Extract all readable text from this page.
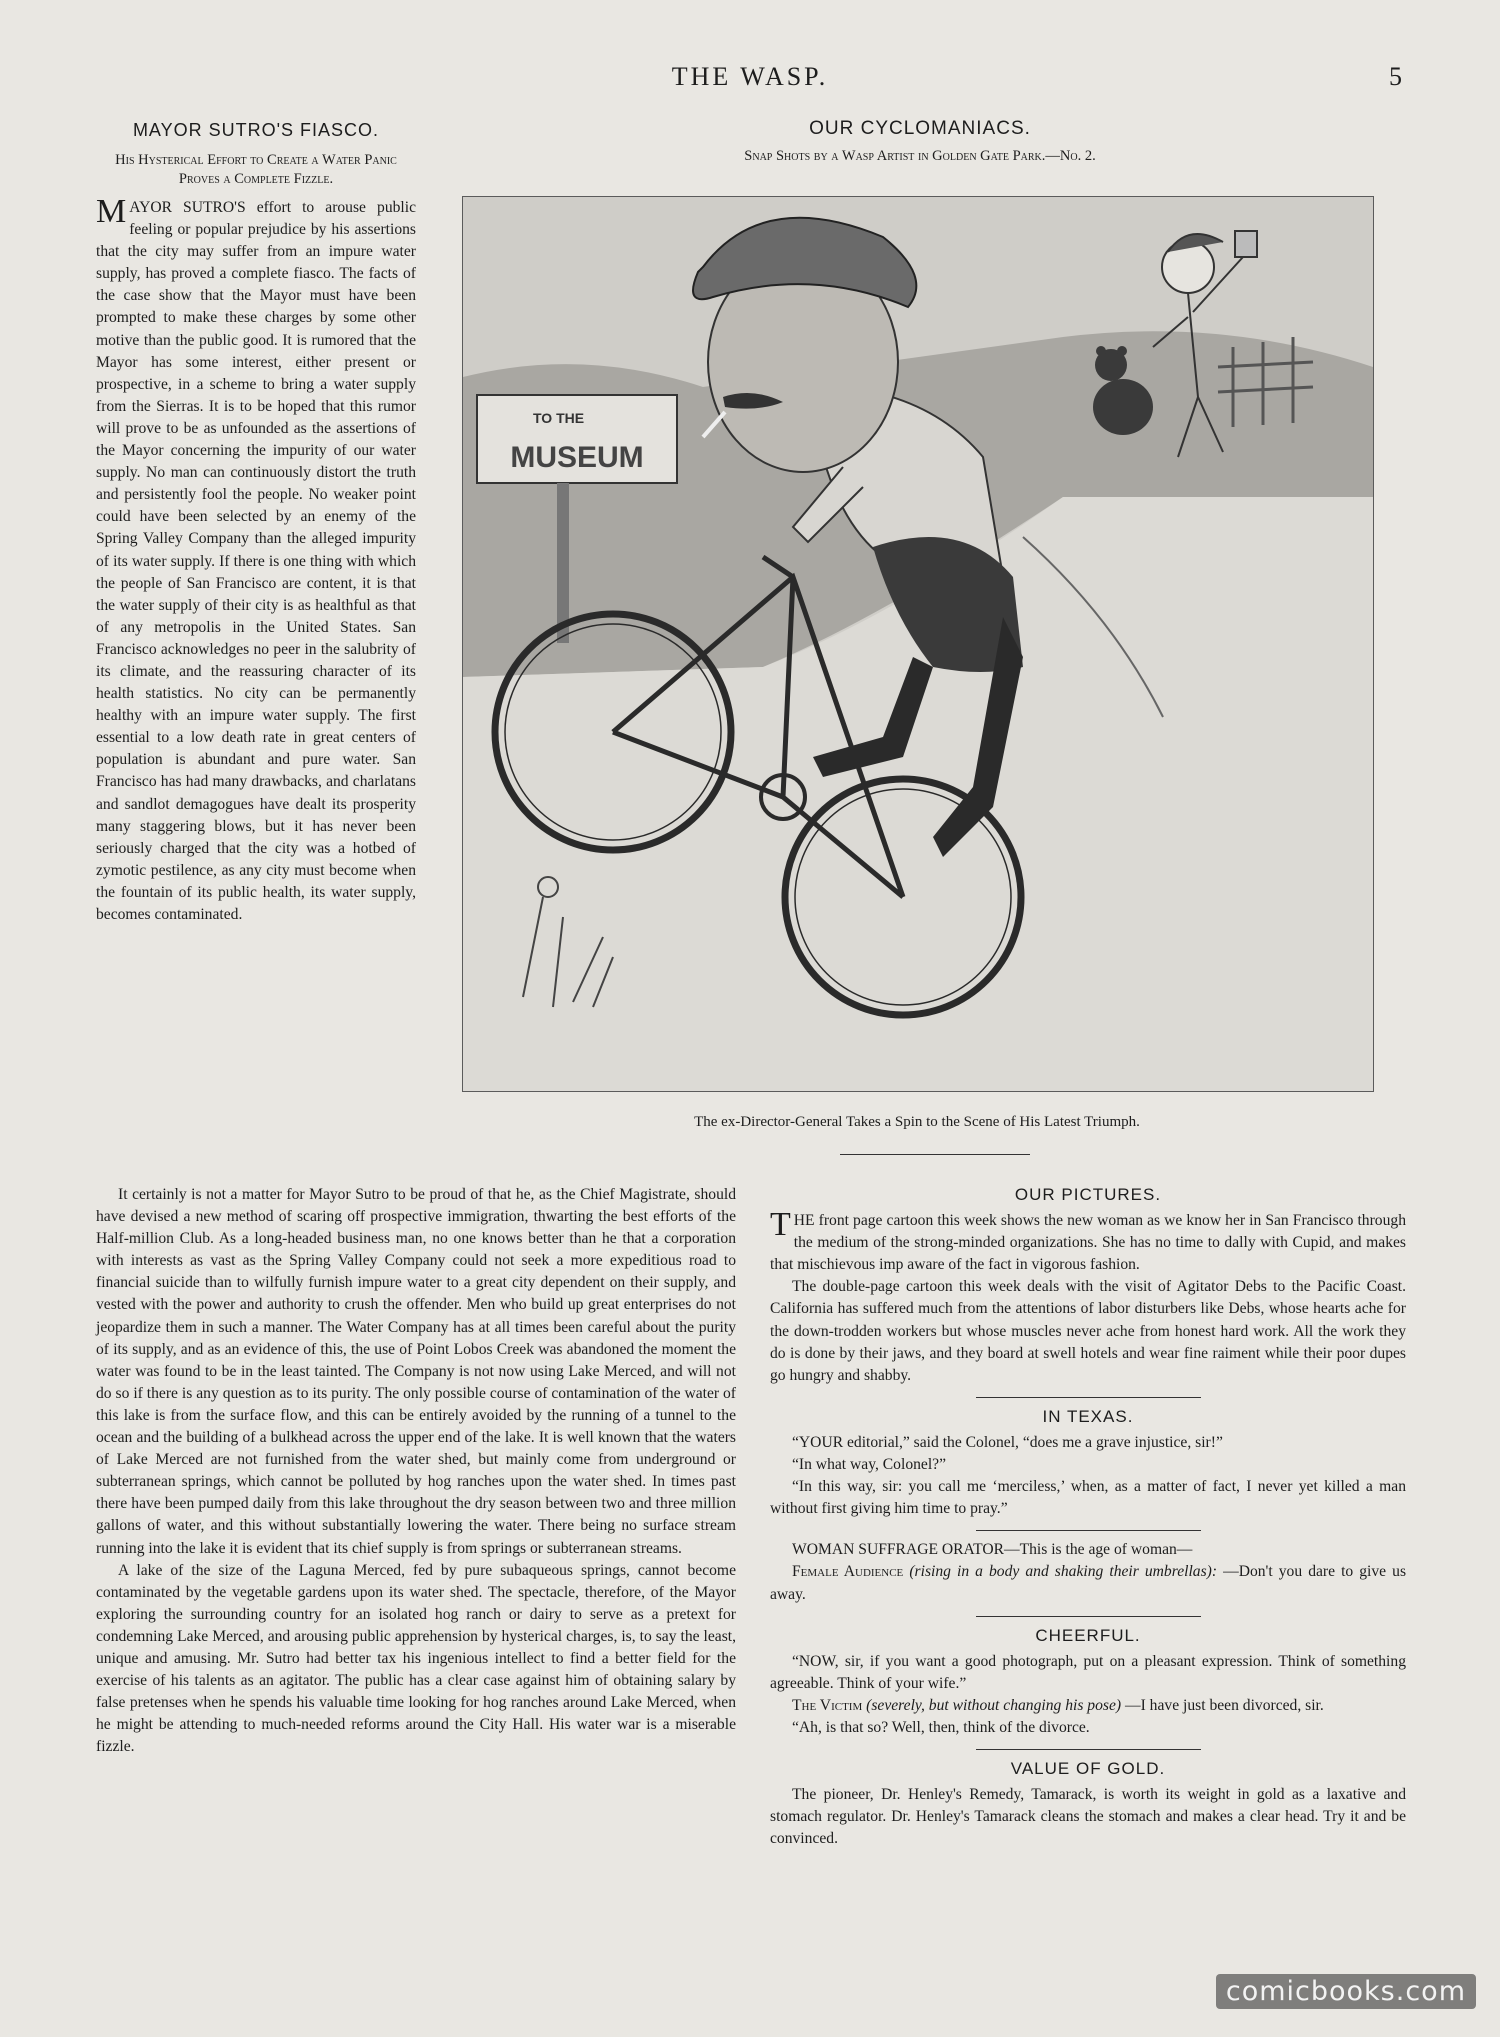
THE WASP.	5
MAYOR SUTRO'S FIASCO.
His Hysterical Effort to Create a Water Panic Proves a Complete Fizzle.

MAYOR SUTRO'S effort to arouse public feeling or popular prejudice by his assertions that the city may suffer from an impure water supply, has proved a complete fiasco. The facts of the case show that the Mayor must have been prompted to make these charges by some other motive than the public good. It is rumored that the Mayor has some interest, either present or prospective, in a scheme to bring a water supply from the Sierras. It is to be hoped that this rumor will prove to be as unfounded as the assertions of the Mayor concerning the impurity of our water supply. No man can continuously distort the truth and persistently fool the people. No weaker point could have been selected by an enemy of the Spring Valley Company than the alleged impurity of its water supply. If there is one thing with which the people of San Francisco are content, it is that the water supply of their city is as healthful as that of any metropolis in the United States. San Francisco acknowledges no peer in the salubrity of its climate, and the reassuring character of its health statistics. No city can be permanently healthy with an impure water supply. The first essential to a low death rate in great centers of population is abundant and pure water. San Francisco has had many drawbacks, and charlatans and sandlot demagogues have dealt its prosperity many staggering blows, but it has never been seriously charged that the city was a hotbed of zymotic pestilence, as any city must become when the fountain of its public health, its water supply, becomes contaminated.

OUR CYCLOMANIACS.
Snap Shots by a Wasp Artist in Golden Gate Park.—No. 2.
TO THE
MUSEUM
The ex-Director-General Takes a Spin to the Scene of His Latest Triumph.

It certainly is not a matter for Mayor Sutro to be proud of that he, as the Chief Magistrate, should have devised a new method of scaring off prospective immigration, thwarting the best efforts of the Half-million Club. As a long-headed business man, no one knows better than he that a corporation with interests as vast as the Spring Valley Company could not seek a more expeditious road to financial suicide than to wilfully furnish impure water to a great city dependent on their supply, and vested with the power and authority to crush the offender. Men who build up great enterprises do not jeopardize them in such a manner. The Water Company has at all times been careful about the purity of its supply, and as an evidence of this, the use of Point Lobos Creek was abandoned the moment the water was found to be in the least tainted. The Company is not now using Lake Merced, and will not do so if there is any question as to its purity. The only possible course of contamination of the water of this lake is from the surface flow, and this can be entirely avoided by the running of a tunnel to the ocean and the building of a bulkhead across the upper end of the lake. It is well known that the waters of Lake Merced are not furnished from the water shed, but mainly come from underground or subterranean springs, which cannot be polluted by hog ranches upon the water shed. In times past there have been pumped daily from this lake throughout the dry season between two and three million gallons of water, and this without substantially lowering the water. There being no surface stream running into the lake it is evident that its chief supply is from springs or subterranean streams.

A lake of the size of the Laguna Merced, fed by pure subaqueous springs, cannot become contaminated by the vegetable gardens upon its water shed. The spectacle, therefore, of the Mayor exploring the surrounding country for an isolated hog ranch or dairy to serve as a pretext for condemning Lake Merced, and arousing public apprehension by hysterical charges, is, to say the least, unique and amusing. Mr. Sutro had better tax his ingenious intellect to find a better field for the exercise of his talents as an agitator. The public has a clear case against him of obtaining salary by false pretenses when he spends his valuable time looking for hog ranches around Lake Merced, when he might be attending to much-needed reforms around the City Hall. His water war is a miserable fizzle.

OUR PICTURES.

THE front page cartoon this week shows the new woman as we know her in San Francisco through the medium of the strong-minded organizations. She has no time to dally with Cupid, and makes that mischievous imp aware of the fact in vigorous fashion.

The double-page cartoon this week deals with the visit of Agitator Debs to the Pacific Coast. California has suffered much from the attentions of labor disturbers like Debs, whose hearts ache for the down-trodden workers but whose muscles never ache from honest hard work. All the work they do is done by their jaws, and they board at swell hotels and wear fine raiment while their poor dupes go hungry and shabby.

IN TEXAS.

“YOUR editorial,” said the Colonel, “does me a grave injustice, sir!”

“In what way, Colonel?”

“In this way, sir: you call me ‘merciless,’ when, as a matter of fact, I never yet killed a man without first giving him time to pray.”

WOMAN SUFFRAGE ORATOR—This is the age of woman—

Female Audience (rising in a body and shaking their umbrellas): —Don't you dare to give us away.

CHEERFUL.

“NOW, sir, if you want a good photograph, put on a pleasant expression. Think of something agreeable. Think of your wife.”

The Victim (severely, but without changing his pose) —I have just been divorced, sir.

“Ah, is that so? Well, then, think of the divorce.

VALUE OF GOLD.

The pioneer, Dr. Henley's Remedy, Tamarack, is worth its weight in gold as a laxative and stomach regulator. Dr. Henley's Tamarack cleans the stomach and makes a clear head. Try it and be convinced.

comicbooks.com
